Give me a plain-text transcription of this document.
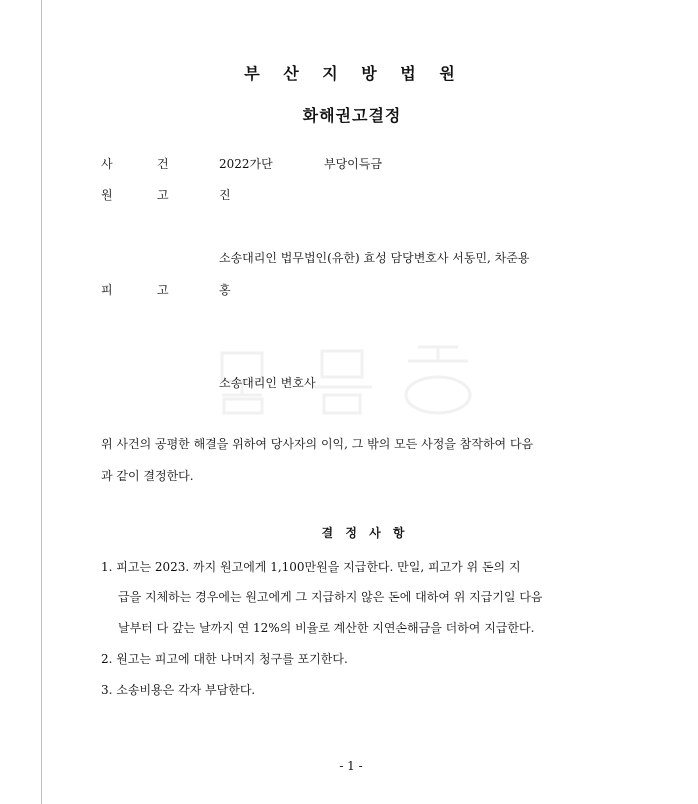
부 산 지 방 법 원
화해권고결정
사	건	2022가단	부당이득금
원	고	진
소송대리인 법무법인(유한) 효성 담당변호사 서동민, 차준용
피	고	홍
소송대리인 변호사
위 사건의 공평한 해결을 위하여 당사자의 이익, 그 밖의 모든 사정을 참작하여 다음
과 같이 결정한다.
결 정 사 항
1. 피고는 2023. 까지 원고에게 1,100만원을 지급한다. 만일, 피고가 위 돈의 지
급을 지체하는 경우에는 원고에게 그 지급하지 않은 돈에 대하여 위 지급기일 다음
날부터 다 갚는 날까지 연 12%의 비율로 계산한 지연손해금을 더하여 지급한다.
2. 원고는 피고에 대한 나머지 청구를 포기한다.
3. 소송비용은 각자 부담한다.
- 1 -
